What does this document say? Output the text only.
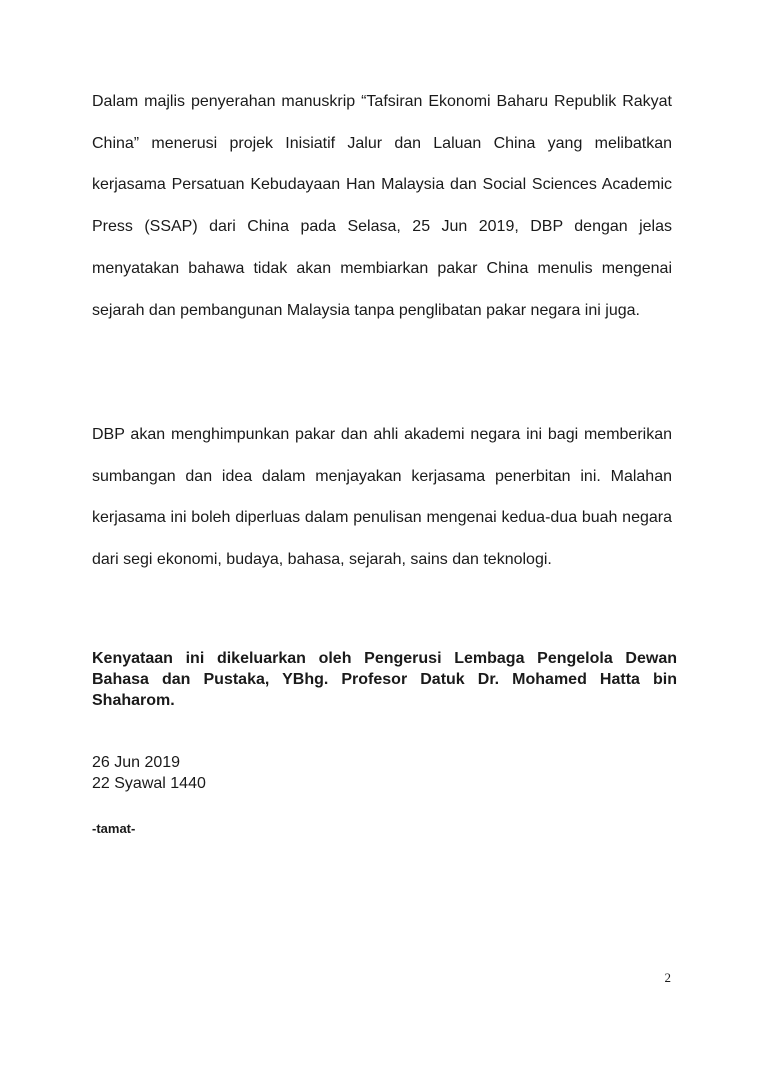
Dalam majlis penyerahan manuskrip “Tafsiran Ekonomi Baharu Republik Rakyat China” menerusi projek Inisiatif Jalur dan Laluan China yang melibatkan kerjasama Persatuan Kebudayaan Han Malaysia dan Social Sciences Academic Press (SSAP) dari China pada Selasa, 25 Jun 2019, DBP dengan jelas menyatakan bahawa tidak akan membiarkan pakar China menulis mengenai sejarah dan pembangunan Malaysia tanpa penglibatan pakar negara ini juga.

DBP akan menghimpunkan pakar dan ahli akademi negara ini bagi memberikan sumbangan dan idea dalam menjayakan kerjasama penerbitan ini. Malahan kerjasama ini boleh diperluas dalam penulisan mengenai kedua-dua buah negara dari segi ekonomi, budaya, bahasa, sejarah, sains dan teknologi.

Kenyataan ini dikeluarkan oleh Pengerusi Lembaga Pengelola Dewan Bahasa dan Pustaka, YBhg. Profesor Datuk Dr. Mohamed Hatta bin Shaharom.

26 Jun 2019
22 Syawal 1440
-tamat-
2
